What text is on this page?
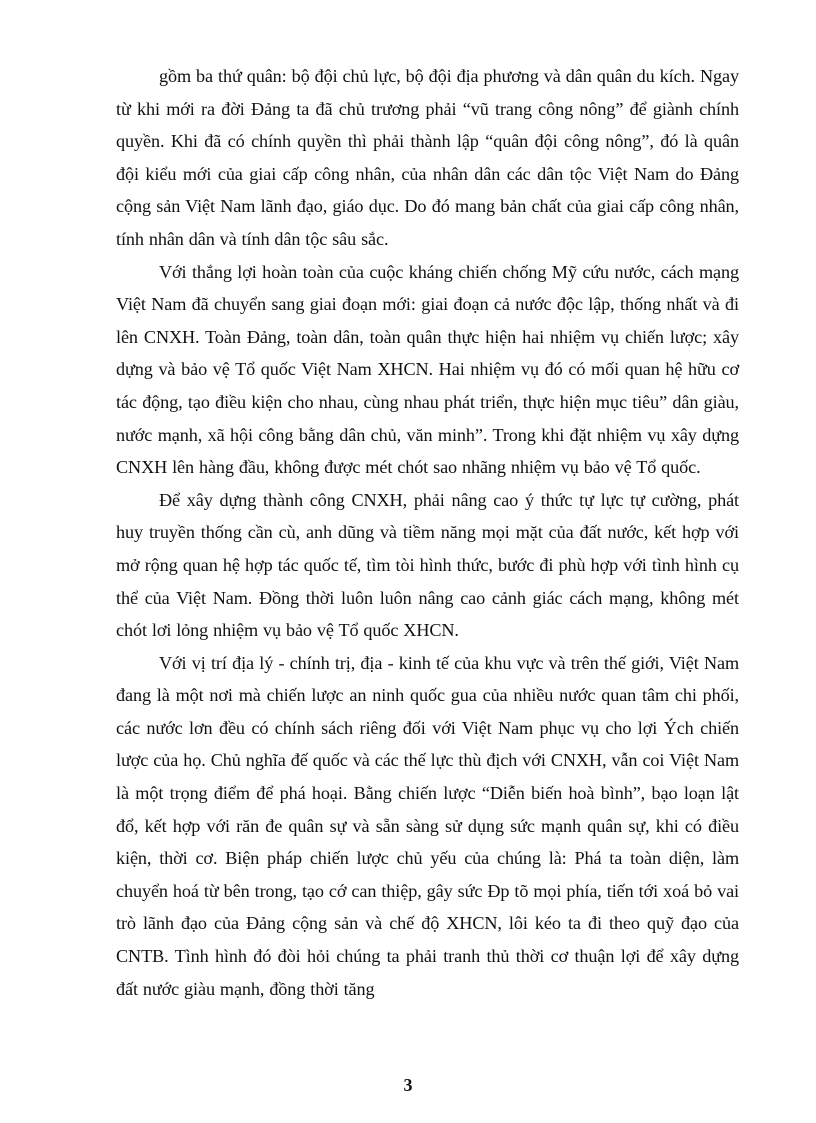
gồm ba thứ quân: bộ đội chủ lực, bộ đội địa phương và dân quân du kích. Ngay từ khi mới ra đời Đảng ta đã chủ trương phải “vũ trang công nông” để giành chính quyền. Khi đã có chính quyền thì phải thành lập “quân đội công nông”, đó là quân đội kiểu mới của giai cấp công nhân, của nhân dân các dân tộc Việt Nam do Đảng cộng sản Việt Nam lãnh đạo, giáo dục. Do đó mang bản chất của giai cấp công nhân, tính nhân dân và tính dân tộc sâu sắc.

Với thắng lợi hoàn toàn của cuộc kháng chiến chống Mỹ cứu nước, cách mạng Việt Nam đã chuyển sang giai đoạn mới: giai đoạn cả nước độc lập, thống nhất và đi lên CNXH. Toàn Đảng, toàn dân, toàn quân thực hiện hai nhiệm vụ chiến lược; xây dựng và bảo vệ Tổ quốc Việt Nam XHCN. Hai nhiệm vụ đó có mối quan hệ hữu cơ tác động, tạo điều kiện cho nhau, cùng nhau phát triển, thực hiện mục tiêu” dân giàu, nước mạnh, xã hội công bằng dân chủ, văn minh”. Trong khi đặt nhiệm vụ xây dựng CNXH lên hàng đầu, không được mét chót sao nhãng nhiệm vụ bảo vệ Tổ quốc.

Để xây dựng thành công CNXH, phải nâng cao ý thức tự lực tự cường, phát huy truyền thống cần cù, anh dũng và tiềm năng mọi mặt của đất nước, kết hợp với mở rộng quan hệ hợp tác quốc tế, tìm tòi hình thức, bước đi phù hợp với tình hình cụ thể của Việt Nam. Đồng thời luôn luôn nâng cao cảnh giác cách mạng, không mét chót lơi lỏng nhiệm vụ bảo vệ Tổ quốc XHCN.

Với vị trí địa lý - chính trị, địa - kinh tế của khu vực và trên thế giới, Việt Nam đang là một nơi mà chiến lược an ninh quốc gua của nhiều nước quan tâm chi phối, các nước lơn đều có chính sách riêng đối với Việt Nam phục vụ cho lợi Ých chiến lược của họ. Chủ nghĩa đế quốc và các thế lực thù địch với CNXH, vẫn coi Việt Nam là một trọng điểm để phá hoại. Bằng chiến lược “Diễn biến hoà bình”, bạo loạn lật đổ, kết hợp với răn đe quân sự và sẵn sàng sử dụng sức mạnh quân sự, khi có điều kiện, thời cơ. Biện pháp chiến lược chủ yếu của chúng là: Phá ta toàn diện, làm chuyển hoá từ bên trong, tạo cớ can thiệp, gây sức Ðp tõ mọi phía, tiến tới xoá bỏ vai trò lãnh đạo của Đảng cộng sản và chế độ XHCN, lôi kéo ta đi theo quỹ đạo của CNTB. Tình hình đó đòi hỏi chúng ta phải tranh thủ thời cơ thuận lợi để xây dựng đất nước giàu mạnh, đồng thời tăng

3
